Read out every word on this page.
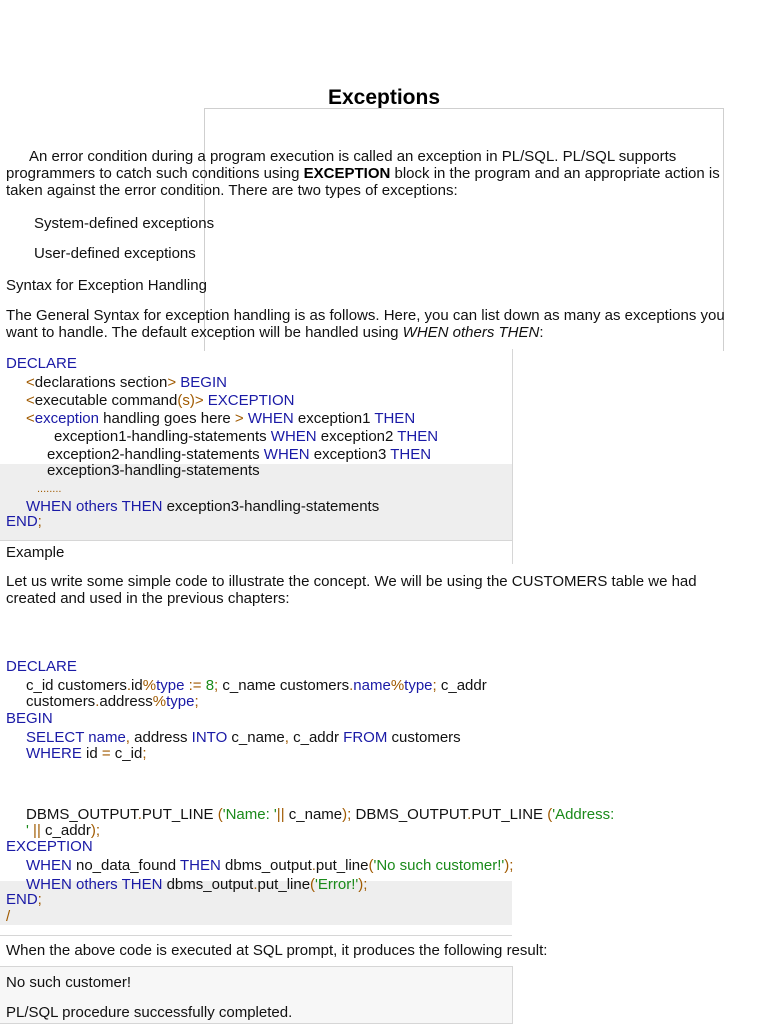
Exceptions
An error condition during a program execution is called an exception in PL/SQL. PL/SQL supports
programmers to catch such conditions using EXCEPTION block in the program and an appropriate action is
taken against the error condition. There are two types of exceptions:
System-defined exceptions
User-defined exceptions
Syntax for Exception Handling
The General Syntax for exception handling is as follows. Here, you can list down as many as exceptions you
want to handle. The default exception will be handled using WHEN others THEN:
DECLARE
<declarations section> BEGIN
<executable command(s)> EXCEPTION
<exception handling goes here > WHEN exception1 THEN
exception1-handling-statements WHEN exception2 THEN
exception2-handling-statements WHEN exception3 THEN
exception3-handling-statements
........
WHEN others THEN exception3-handling-statements
END;
Example
Let us write some simple code to illustrate the concept. We will be using the CUSTOMERS table we had
created and used in the previous chapters:
DECLARE
c_id customers.id%type := 8; c_name customers.name%type; c_addr
customers.address%type;
BEGIN
SELECT name, address INTO c_name, c_addr FROM customers
WHERE id = c_id;
DBMS_OUTPUT.PUT_LINE ('Name: '|| c_name); DBMS_OUTPUT.PUT_LINE ('Address:
' || c_addr);
EXCEPTION
WHEN no_data_found THEN dbms_output.put_line('No such customer!');
WHEN others THEN dbms_output.put_line('Error!');
END;
/
When the above code is executed at SQL prompt, it produces the following result:
No such customer!
PL/SQL procedure successfully completed.
